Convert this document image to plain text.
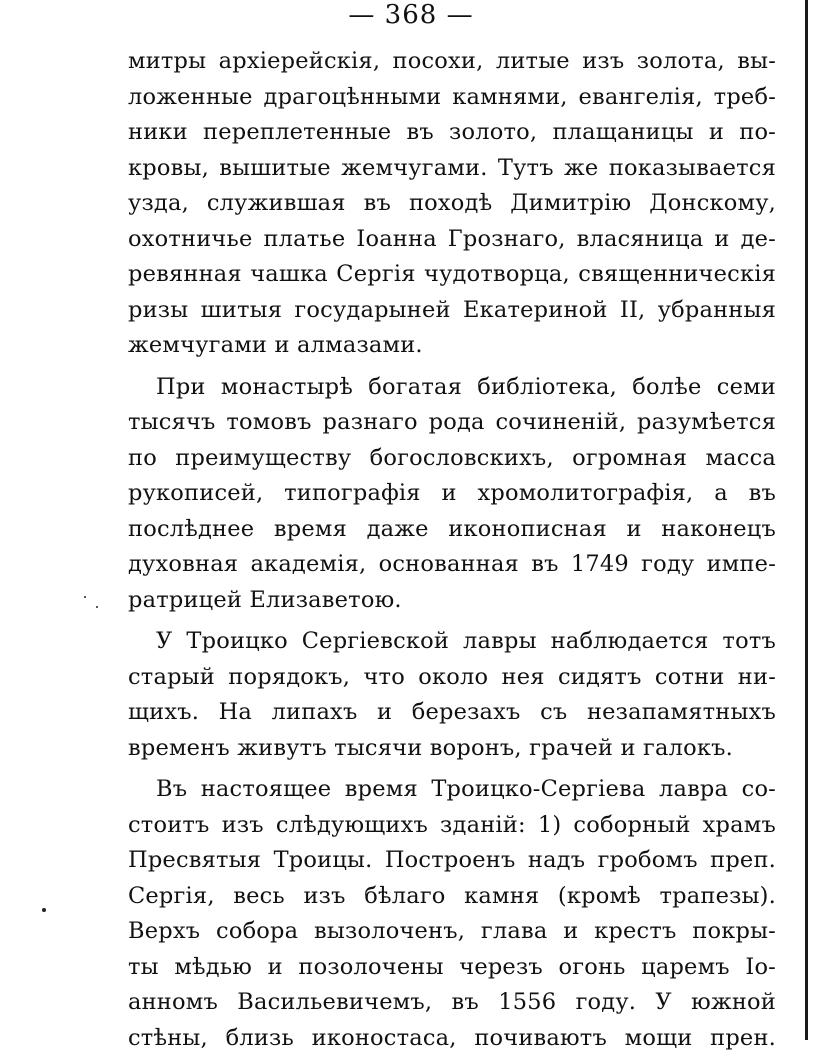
— 368 —
митры архіерейскія, посохи, литые изъ золота, вы-
ложенные драгоцѣнными камнями, евангелія, треб-
ники переплетенные въ золото, плащаницы и по-
кровы, вышитые жемчугами. Тутъ же показывается
узда, служившая въ походѣ Димитрію Донскому,
охотничье платье Іоанна Грознаго, власяница и де-
ревянная чашка Сергія чудотворца, священническія
ризы шитыя государыней Екатериной II, убранныя
жемчугами и алмазами.
При монастырѣ богатая библіотека, болѣе семи
тысячъ томовъ разнаго рода сочиненій, разумѣется
по преимуществу богословскихъ, огромная масса
рукописей, типографія и хромолитографія, а въ
послѣднее время даже иконописная и наконецъ
духовная академія, основанная въ 1749 году импе-
ратрицей Елизаветою.
У Троицко Сергіевской лавры наблюдается тотъ
старый порядокъ, что около нея сидятъ сотни ни-
щихъ. На липахъ и березахъ съ незапамятныхъ
временъ живутъ тысячи воронъ, грачей и галокъ.
Въ настоящее время Троицко-Сергіева лавра со-
стоитъ изъ слѣдующихъ зданій: 1) соборный храмъ
Пресвятыя Троицы. Построенъ надъ гробомъ преп.
Сергія, весь изъ бѣлаго камня (кромѣ трапезы).
Верхъ собора вызолоченъ, глава и крестъ покры-
ты мѣдью и позолочены черезъ огонь царемъ Іо-
анномъ Васильевичемъ, въ 1556 году. У южной
стѣны, близь иконостаса, почиваютъ мощи прен.
